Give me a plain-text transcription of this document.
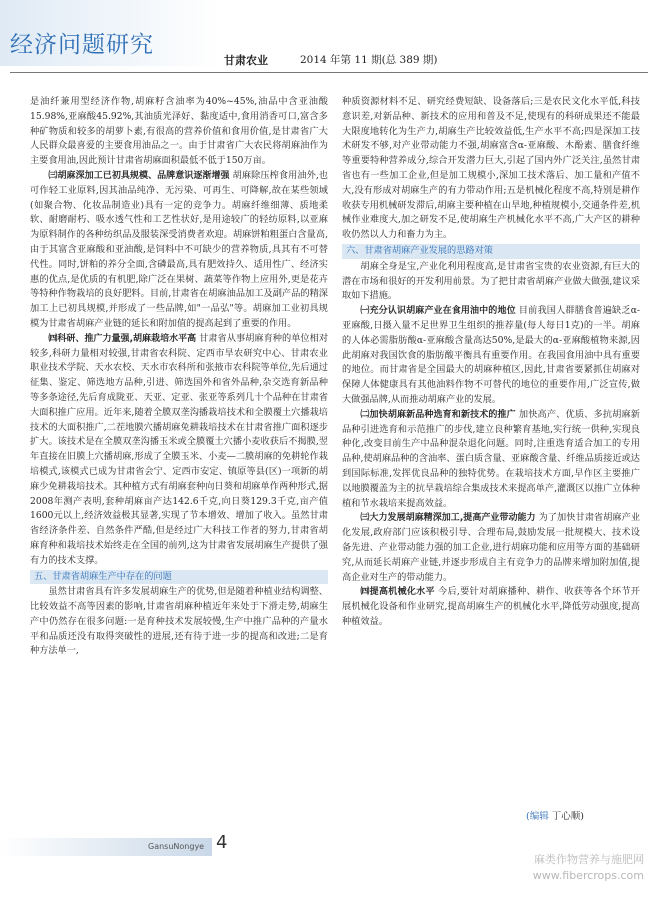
经济问题研究
甘肃农业	2014 年第 11 期(总 389 期)

是油纤兼用型经济作物,胡麻籽含油率为40%~45%,油品中含亚油酸15.98%,亚麻酸45.92%,其油质光泽好、黏度适中,食用消香可口,富含多种矿物质和较多的胡萝卜素,有很高的营养价值和食用价值,是甘肃省广大人民群众最喜爱的主要食用油品之一。由于甘肃省广大农民将胡麻油作为主要食用油,因此预计甘肃省胡麻面积最低不低于150万亩。

㈢胡麻深加工已初具规模、品牌意识逐渐增强 胡麻除压榨食用油外,也可作轻工业原料,因其油品纯净、无污染、可再生、可降解,故在某些领域(如聚合物、化妆品制造业)具有一定的竞争力。胡麻纤维细薄、质地柔软、耐磨耐朽、吸水透气性和工艺性状好,是用途较广的轻纺原料,以亚麻为原料制作的各种纺织品及服装深受消费者欢迎。胡麻饼粕粗蛋白含量高,由于其富含亚麻酸和亚油酸,是饲料中不可缺少的营养物质,具其有不可替代性。同时,饼粕的养分全面,含磷最高,具有肥效持久、适用性广、经济实惠的优点,是优质的有机肥,除广泛在果树、蔬菜等作物上应用外,更是花卉等特种作物栽培的良好肥料。目前,甘肃省在胡麻油品加工及副产品的精深加工上已初具规模,并形成了一些品牌,如"一品弘"等。胡麻加工业初具规模为甘肃省胡麻产业链的延长和附加值的提高起到了重要的作用。

㈣科研、推广力量强,胡麻栽培水平高 甘肃省从事胡麻育种的单位相对较多,科研力量相对较强,甘肃省农科院、定西市旱农研究中心、甘肃农业职业技术学院、天水农校、天水市农科所和张掖市农科院等单位,先后通过征集、鉴定、筛选地方品种,引进、筛选国外和省外品种,杂交选育新品种等多条途径,先后育成陇亚、天亚、定亚、张亚等系列几十个品种在甘肃省大面积推广应用。近年来,随着全膜双垄沟播栽培技术和全膜覆土穴播栽培技术的大面积推广,二茬地膜穴播胡麻免耕栽培技术在甘肃省推广面积逐步扩大。该技术是在全膜双垄沟播玉米或全膜覆土穴播小麦收获后不揭膜,翌年直接在旧膜上穴播胡麻,形成了全膜玉米、小麦—二膜胡麻的免耕轮作栽培模式,该模式已成为甘肃省会宁、定西市安定、镇原等县(区)一项新的胡麻少免耕栽培技术。其种植方式有胡麻套种向日葵和胡麻单作两种形式,据2008年测产表明,套种胡麻亩产达142.6千克,向日葵129.3千克,亩产值1600元以上,经济效益极其显著,实现了节本增效、增加了收入。虽然甘肃省经济条件差、自然条件严酷,但是经过广大科技工作者的努力,甘肃省胡麻育种和栽培技术始终走在全国的前列,这为甘肃省发展胡麻生产提供了强有力的技术支撑。

五、甘肃省胡麻生产中存在的问题

虽然甘肃省具有许多发展胡麻生产的优势,但是随着种植业结构调整、比较效益不高等因素的影响,甘肃省胡麻种植近年来处于下滑走势,胡麻生产中仍然存在很多问题:一是育种技术发展较慢,生产中推广品种的产量水平和品质还没有取得突破性的进展,还有待于进一步的提高和改进;二是育种方法单一,

种质资源材料不足、研究经费短缺、设备落后;三是农民文化水平低,科技意识差,对新品种、新技术的应用和普及不足,使现有的科研成果还不能最大限度地转化为生产力,胡麻生产比较效益低,生产水平不高;四是深加工技术研发不够,对产业带动能力不强,胡麻富含α-亚麻酸、木酚素、膳食纤维等重要特种营养成分,综合开发潜力巨大,引起了国内外广泛关注,虽然甘肃省也有一些加工企业,但是加工规模小,深加工技术落后、加工量和产值不大,没有形成对胡麻生产的有力带动作用;五是机械化程度不高,特别是耕作收获专用机械研发滞后,胡麻主要种植在山旱地,种植规模小,交通条件差,机械作业难度大,加之研发不足,使胡麻生产机械化水平不高,广大产区的耕种收仍然以人力和畜力为主。

六、甘肃省胡麻产业发展的思路对策

胡麻全身是宝,产业化利用程度高,是甘肃省宝贵的农业资源,有巨大的潜在市场和很好的开发利用前景。为了把甘肃省胡麻产业做大做强,建议采取如下措施。

㈠充分认识胡麻产业在食用油中的地位 目前我国人群膳食普遍缺乏α-亚麻酸,日摄入量不足世界卫生组织的推荐量(每人每日1克)的一半。胡麻的人体必需脂肪酸α-亚麻酸含量高达50%,是最大的α-亚麻酸植物来源,因此胡麻对我国饮食的脂肪酸平衡具有重要作用。在我国食用油中具有重要的地位。而甘肃省是全国最大的胡麻种植区,因此,甘肃省要紧抓住胡麻对保障人体健康具有其他油料作物不可替代的地位的重要作用,广泛宣传,做大做强品牌,从而推动胡麻产业的发展。

㈡加快胡麻新品种选育和新技术的推广 加快高产、优质、多抗胡麻新品种引进选育和示范推广的步伐,建立良种繁育基地,实行统一供种,实现良种化,改变目前生产中品种混杂退化问题。同时,注重选育适合加工的专用品种,使胡麻品种的含油率、蛋白质含量、亚麻酸含量、纤维品质接近或达到国际标准,发挥优良品种的独特优势。在栽培技术方面,早作区主要推广以地膜覆盖为主的抗旱栽培综合集成技术来提高单产,灌溉区以推广立体种植和节水栽培来提高效益。

㈢大力发展胡麻精深加工,提高产业带动能力 为了加快甘肃省胡麻产业化发展,政府部门应该积极引导、合理布局,鼓励发展一批规模大、技术设备先进、产业带动能力强的加工企业,进行胡麻功能和应用等方面的基础研究,从而延长胡麻产业链,并逐步形成自主有竞争力的品牌来增加附加值,提高企业对生产的带动能力。

㈣提高机械化水平 今后,要针对胡麻播种、耕作、收获等各个环节开展机械化设备和作业研究,提高胡麻生产的机械化水平,降低劳动强度,提高种植效益。

(编辑 丁心顺)
GansuNongye 4
麻类作物营养与施肥网
www.fibercrops.com
